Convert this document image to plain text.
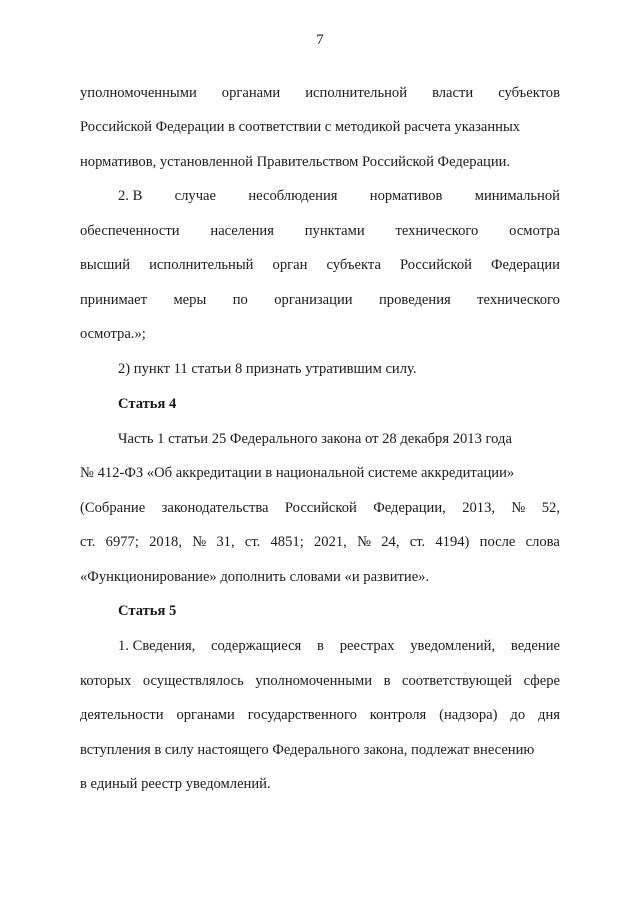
7
уполномоченными органами исполнительной власти субъектов
Российской Федерации в соответствии с методикой расчета указанных
нормативов, установленной Правительством Российской Федерации.
2. В случае несоблюдения нормативов минимальной
обеспеченности населения пунктами технического осмотра
высший исполнительный орган субъекта Российской Федерации
принимает меры по организации проведения технического
осмотра.»;
2) пункт 11 статьи 8 признать утратившим силу.
Статья 4
Часть 1 статьи 25 Федерального закона от 28 декабря 2013 года
№ 412-ФЗ «Об аккредитации в национальной системе аккредитации»
(Собрание законодательства Российской Федерации, 2013, № 52,
ст. 6977; 2018, № 31, ст. 4851; 2021, № 24, ст. 4194) после слова
«Функционирование» дополнить словами «и развитие».
Статья 5
1. Сведения, содержащиеся в реестрах уведомлений, ведение
которых осуществлялось уполномоченными в соответствующей сфере
деятельности органами государственного контроля (надзора) до дня
вступления в силу настоящего Федерального закона, подлежат внесению
в единый реестр уведомлений.
